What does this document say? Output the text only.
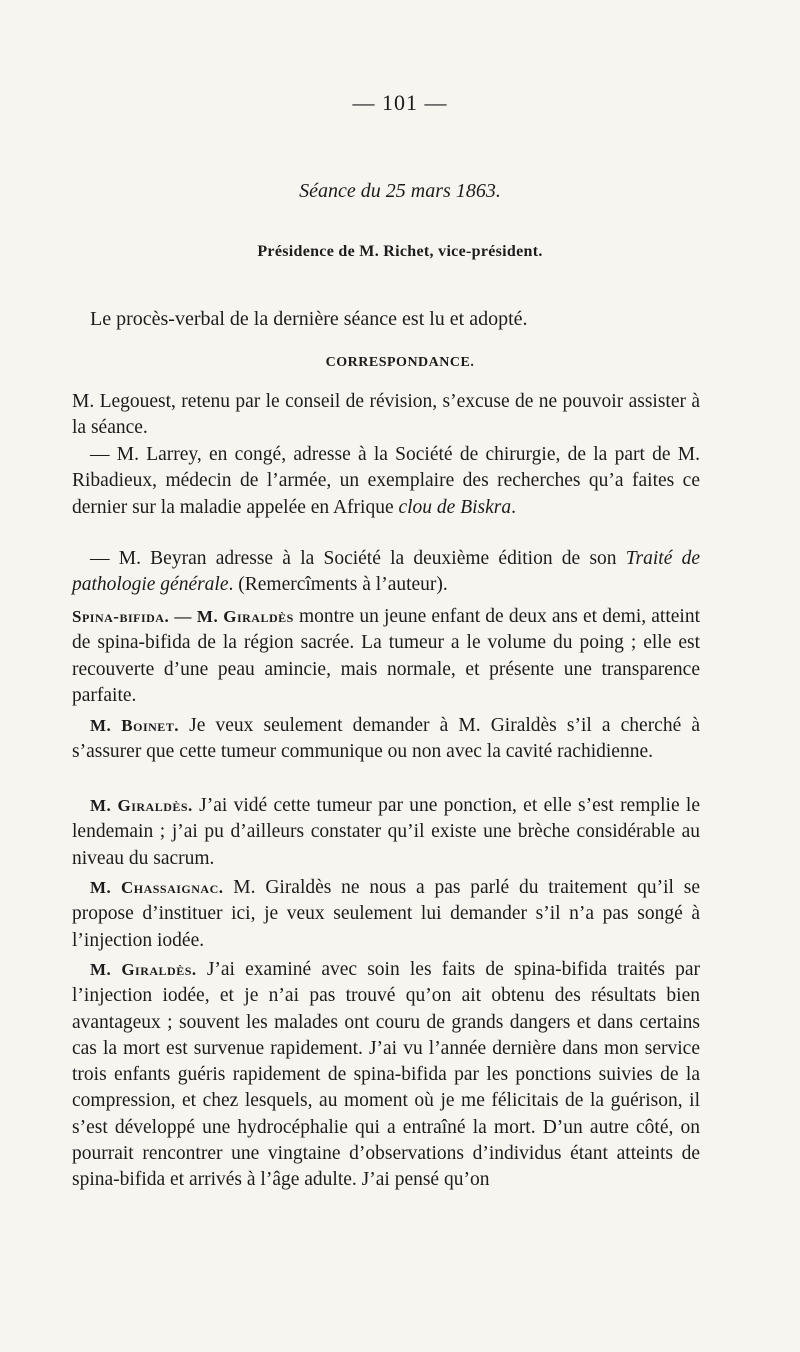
— 101 —
Séance du 25 mars 1863.
Présidence de M. Richet, vice-président.
Le procès-verbal de la dernière séance est lu et adopté.
CORRESPONDANCE.

M. Legouest, retenu par le conseil de révision, s’excuse de ne pouvoir assister à la séance.

— M. Larrey, en congé, adresse à la Société de chirurgie, de la part de M. Ribadieux, médecin de l’armée, un exemplaire des recherches qu’a faites ce dernier sur la maladie appelée en Afrique clou de Biskra.

— M. Beyran adresse à la Société la deuxième édition de son Traité de pathologie générale. (Remercîments à l’auteur).

Spina-bifida. — M. Giraldès montre un jeune enfant de deux ans et demi, atteint de spina-bifida de la région sacrée. La tumeur a le volume du poing ; elle est recouverte d’une peau amincie, mais normale, et présente une transparence parfaite.

M. Boinet. Je veux seulement demander à M. Giraldès s’il a cherché à s’assurer que cette tumeur communique ou non avec la cavité rachidienne.

M. Giraldès. J’ai vidé cette tumeur par une ponction, et elle s’est remplie le lendemain ; j’ai pu d’ailleurs constater qu’il existe une brèche considérable au niveau du sacrum.

M. Chassaignac. M. Giraldès ne nous a pas parlé du traitement qu’il se propose d’instituer ici, je veux seulement lui demander s’il n’a pas songé à l’injection iodée.

M. Giraldès. J’ai examiné avec soin les faits de spina-bifida traités par l’injection iodée, et je n’ai pas trouvé qu’on ait obtenu des résultats bien avantageux ; souvent les malades ont couru de grands dangers et dans certains cas la mort est survenue rapidement. J’ai vu l’année dernière dans mon service trois enfants guéris rapidement de spina-bifida par les ponctions suivies de la compression, et chez lesquels, au moment où je me félicitais de la guérison, il s’est développé une hydrocéphalie qui a entraîné la mort. D’un autre côté, on pourrait rencontrer une vingtaine d’observations d’individus étant atteints de spina-bifida et arrivés à l’âge adulte. J’ai pensé qu’on
